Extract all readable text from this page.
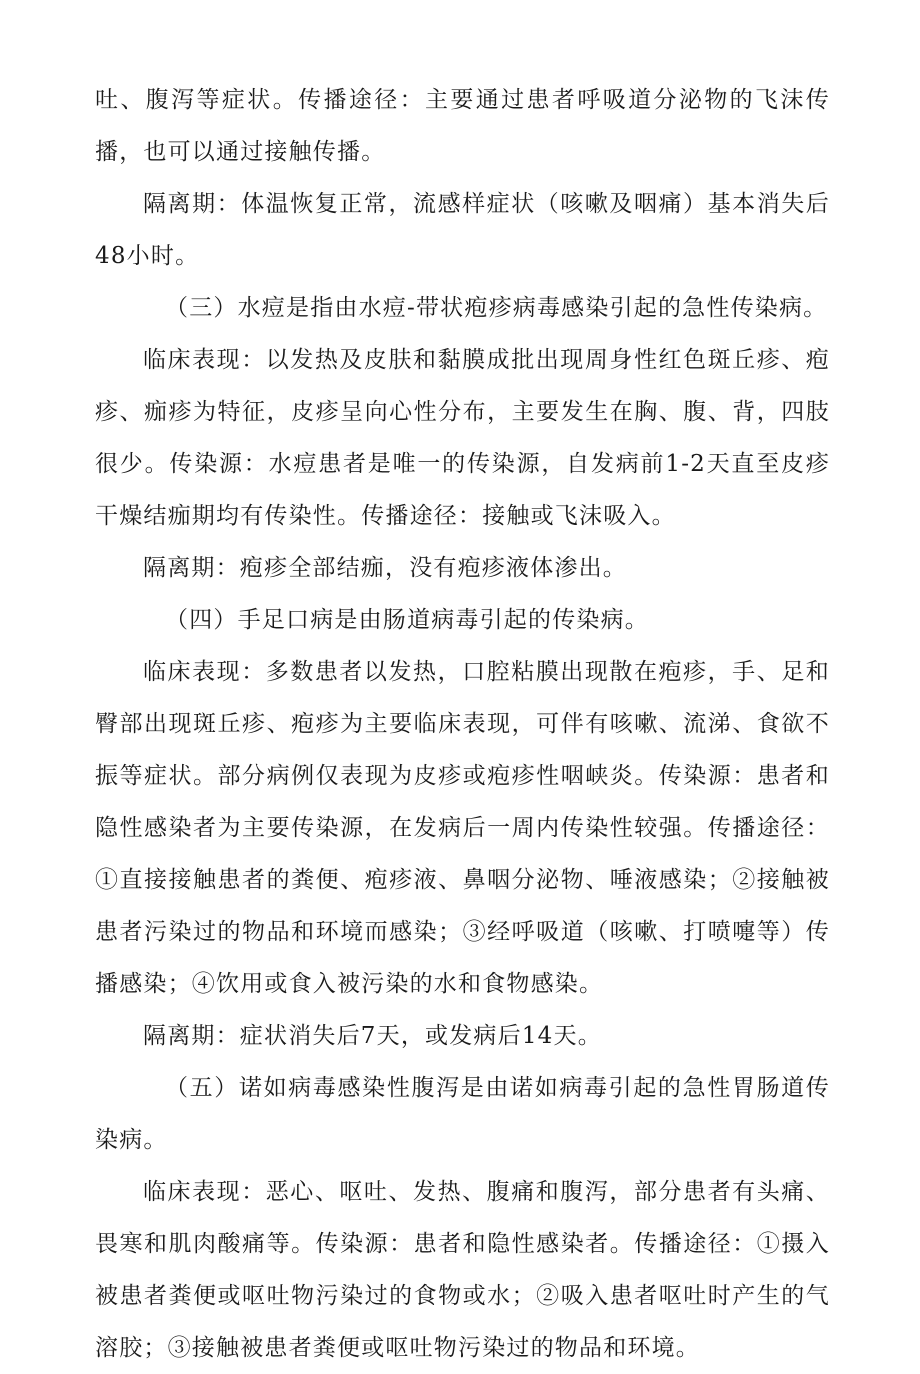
吐、腹泻等症状。传播途径：主要通过患者呼吸道分泌物的飞沫传播，也可以通过接触传播。

隔离期：体温恢复正常，流感样症状（咳嗽及咽痛）基本消失后48小时。

（三）水痘是指由水痘-带状疱疹病毒感染引起的急性传染病。

临床表现：以发热及皮肤和黏膜成批出现周身性红色斑丘疹、疱疹、痂疹为特征，皮疹呈向心性分布，主要发生在胸、腹、背，四肢很少。传染源：水痘患者是唯一的传染源，自发病前1-2天直至皮疹干燥结痂期均有传染性。传播途径：接触或飞沫吸入。

隔离期：疱疹全部结痂，没有疱疹液体渗出。

（四）手足口病是由肠道病毒引起的传染病。

临床表现：多数患者以发热，口腔粘膜出现散在疱疹，手、足和臀部出现斑丘疹、疱疹为主要临床表现，可伴有咳嗽、流涕、食欲不振等症状。部分病例仅表现为皮疹或疱疹性咽峡炎。传染源：患者和隐性感染者为主要传染源，在发病后一周内传染性较强。传播途径：①直接接触患者的粪便、疱疹液、鼻咽分泌物、唾液感染；②接触被患者污染过的物品和环境而感染；③经呼吸道（咳嗽、打喷嚏等）传播感染；④饮用或食入被污染的水和食物感染。

隔离期：症状消失后7天，或发病后14天。

（五）诺如病毒感染性腹泻是由诺如病毒引起的急性胃肠道传染病。

临床表现：恶心、呕吐、发热、腹痛和腹泻，部分患者有头痛、畏寒和肌肉酸痛等。传染源：患者和隐性感染者。传播途径：①摄入被患者粪便或呕吐物污染过的食物或水；②吸入患者呕吐时产生的气溶胶；③接触被患者粪便或呕吐物污染过的物品和环境。
